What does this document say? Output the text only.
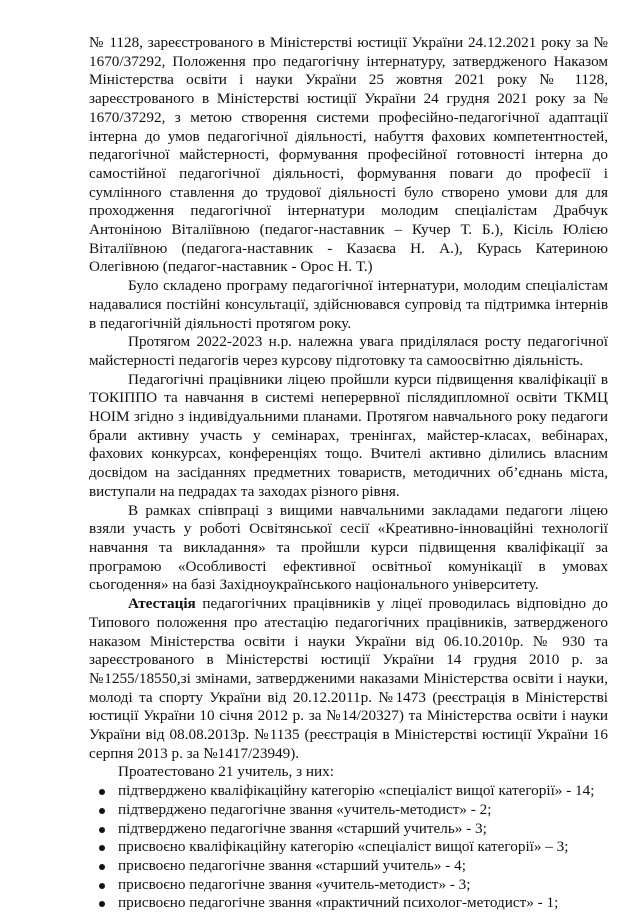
№ 1128, зареєстрованого в Міністерстві юстиції України 24.12.2021 року за № 1670/37292, Положення про педагогічну інтернатуру, затвердженого Наказом Міністерства освіти і науки України 25 жовтня 2021 року № 1128, зареєстрованого в Міністерстві юстиції України 24 грудня 2021 року за № 1670/37292, з метою створення системи професійно-педагогічної адаптації інтерна до умов педагогічної діяльності, набуття фахових компетентностей, педагогічної майстерності, формування професійної готовності інтерна до самостійної педагогічної діяльності, формування поваги до професії і сумлінного ставлення до трудової діяльності було створено умови для для проходження педагогічної інтернатури молодим спеціалістам Драбчук Антоніною Віталіївною (педагог-наставник – Кучер Т. Б.), Кісіль Юлією Віталіївною (педагога-наставник - Казаєва Н. А.), Курась Катериною Олегівною (педагог-наставник - Орос Н. Т.)

Було складено програму педагогічної інтернатури, молодим спеціалістам надавалися постійні консультації, здійснювався супровід та підтримка інтернів в педагогічній діяльності протягом року.

Протягом 2022-2023 н.р. належна увага приділялася росту педагогічної майстерності педагогів через курсову підготовку та самоосвітню діяльність.

Педагогічні працівники ліцею пройшли курси підвищення кваліфікації в ТОКІППО та навчання в системі неперервної післядипломної освіти ТКМЦ НОІМ згідно з індивідуальними планами. Протягом навчального року педагоги брали активну участь у семінарах, тренінгах, майстер-класах, вебінарах, фахових конкурсах, конференціях тощо. Вчителі активно ділились власним досвідом на засіданнях предметних товариств, методичних об’єднань міста, виступали на педрадах та заходах різного рівня.

В рамках співпраці з вищими навчальними закладами педагоги ліцею взяли участь у роботі Освітянської сесії «Креативно-інноваційні технології навчання та викладання» та пройшли курси підвищення кваліфікації за програмою «Особливості ефективної освітньої комунікації в умовах сьогодення» на базі Західноукраїнського національного університету.

Атестація педагогічних працівників у ліцеї проводилась відповідно до Типового положення про атестацію педагогічних працівників, затвердженого наказом Міністерства освіти і науки України від 06.10.2010р. № 930 та зареєстрованого в Міністерстві юстиції України 14 грудня 2010 р. за №1255/18550,зі змінами, затвердженими наказами Міністерства освіти і науки, молоді та спорту України від 20.12.2011р. №1473 (реєстрація в Міністерстві юстиції України 10 січня 2012 р. за №14/20327) та Міністерства освіти і науки України від 08.08.2013р. №1135 (реєстрація в Міністерстві юстиції України 16 серпня 2013 р. за №1417/23949).

Проатестовано 21 учитель, з них:

підтверджено кваліфікаційну категорію «спеціаліст вищої категорії» - 14;
підтверджено педагогічне звання «учитель-методист» - 2;
підтверджено педагогічне звання «старший учитель» - 3;
присвоєно кваліфікаційну категорію «спеціаліст вищої категорії» – 3;
присвоєно педагогічне звання «старший учитель» - 4;
присвоєно педагогічне звання «учитель-методист» - 3;
присвоєно педагогічне звання «практичний психолог-методист» - 1;
